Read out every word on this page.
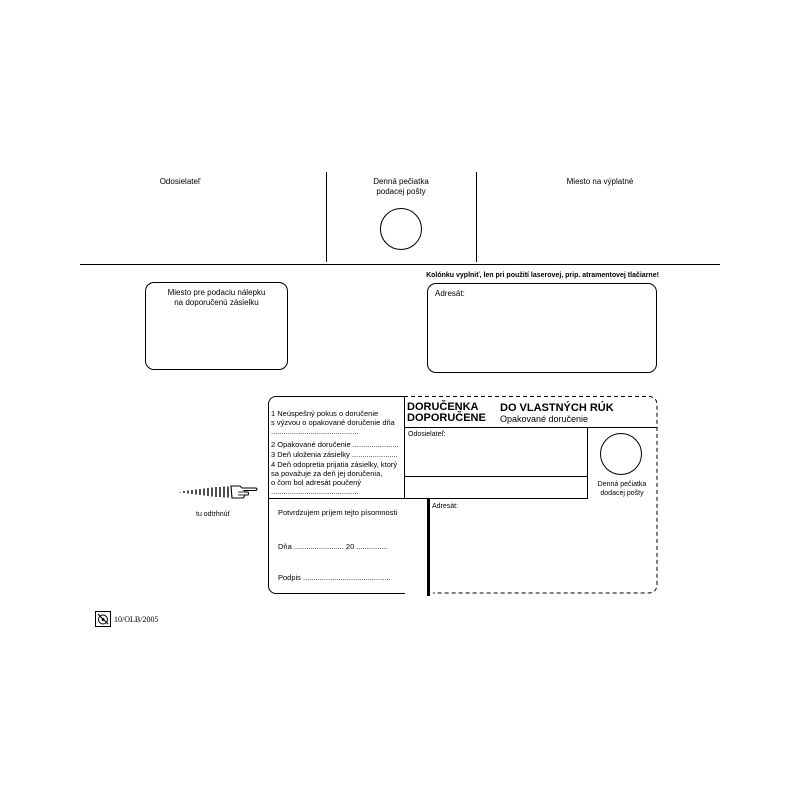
Odosielateľ	Denná pečiatka
podacej pošty
Miesto na výplatné
Kolónku vyplniť, len pri použití laserovej, prip. atramentovej tlačiarne!
Miesto pre podaciu nálepku
na doporučenú zásielku
Adresát:
tu odtrhnúť
1 Neúspešný pokus o doručenie
s výzvou o opakované doručenie dňa
..........................................
2 Opakované doručenie ......................
3 Deň uloženia zásielky ......................
4 Deň odopretia prijatia zásielky, ktorý
sa považuje za deň jej doručenia,
o čom bol adresát poučený
..........................................
Potvrdzujem príjem tejto písomnosti
Dňa ........................ 20 ...............
Podpis ..........................................
DORUČENKA
DOPORUČENE
DO VLASTNÝCH RÚK
Opakované doručenie
Odosielateľ:
Adresát:
Denná pečiatka
dodacej pošty
10/OLB/2005
